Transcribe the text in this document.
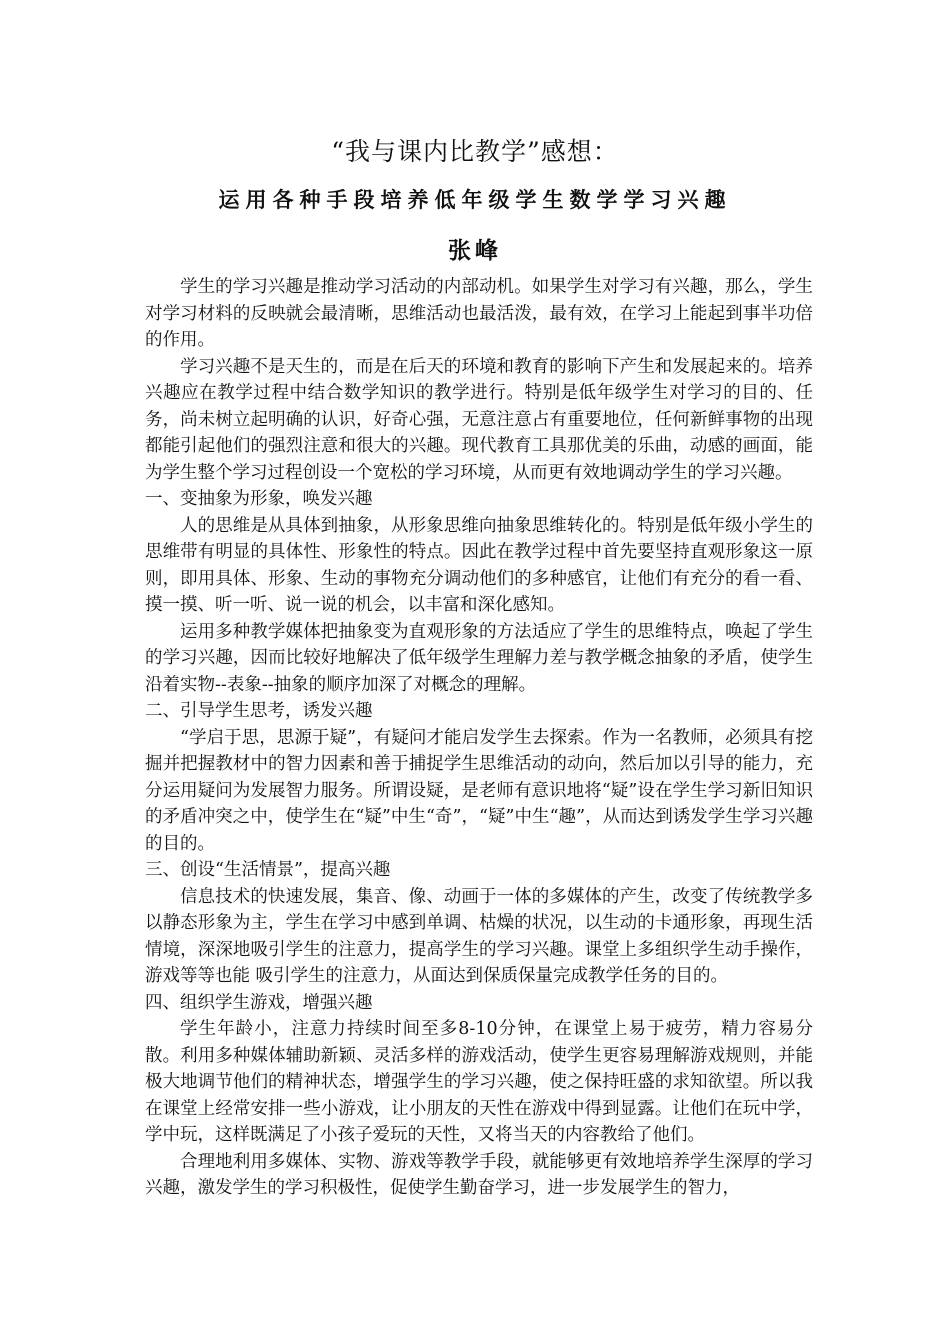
“我与课内比教学”感想：
运用各种手段培养低年级学生数学学习兴趣
张峰

学生的学习兴趣是推动学习活动的内部动机。如果学生对学习有兴趣，那么，学生对学习材料的反映就会最清晰，思维活动也最活泼，最有效，在学习上能起到事半功倍的作用。

学习兴趣不是天生的，而是在后天的环境和教育的影响下产生和发展起来的。培养兴趣应在教学过程中结合数学知识的教学进行。特别是低年级学生对学习的目的、任务，尚未树立起明确的认识，好奇心强，无意注意占有重要地位，任何新鲜事物的出现都能引起他们的强烈注意和很大的兴趣。现代教育工具那优美的乐曲，动感的画面，能为学生整个学习过程创设一个宽松的学习环境，从而更有效地调动学生的学习兴趣。

一、变抽象为形象，唤发兴趣

人的思维是从具体到抽象，从形象思维向抽象思维转化的。特别是低年级小学生的思维带有明显的具体性、形象性的特点。因此在教学过程中首先要坚持直观形象这一原则，即用具体、形象、生动的事物充分调动他们的多种感官，让他们有充分的看一看、摸一摸、听一听、说一说的机会，以丰富和深化感知。

运用多种教学媒体把抽象变为直观形象的方法适应了学生的思维特点，唤起了学生的学习兴趣，因而比较好地解决了低年级学生理解力差与教学概念抽象的矛盾，使学生沿着实物--表象--抽象的顺序加深了对概念的理解。

二、引导学生思考，诱发兴趣

“学启于思，思源于疑”，有疑问才能启发学生去探索。作为一名教师，必须具有挖掘并把握教材中的智力因素和善于捕捉学生思维活动的动向，然后加以引导的能力，充分运用疑问为发展智力服务。所谓设疑，是老师有意识地将“疑”设在学生学习新旧知识的矛盾冲突之中，使学生在“疑”中生“奇”，“疑”中生“趣”，从而达到诱发学生学习兴趣的目的。

三、创设“生活情景”，提高兴趣

信息技术的快速发展，集音、像、动画于一体的多媒体的产生，改变了传统教学多以静态形象为主，学生在学习中感到单调、枯燥的状况，以生动的卡通形象，再现生活情境，深深地吸引学生的注意力，提高学生的学习兴趣。课堂上多组织学生动手操作，游戏等等也能 吸引学生的注意力，从面达到保质保量完成教学任务的目的。

四、组织学生游戏，增强兴趣

学生年龄小，注意力持续时间至多8-10分钟，在课堂上易于疲劳，精力容易分散。利用多种媒体辅助新颖、灵活多样的游戏活动，使学生更容易理解游戏规则，并能极大地调节他们的精神状态，增强学生的学习兴趣，使之保持旺盛的求知欲望。所以我在课堂上经常安排一些小游戏，让小朋友的天性在游戏中得到显露。让他们在玩中学，学中玩，这样既满足了小孩子爱玩的天性，又将当天的内容教给了他们。

合理地利用多媒体、实物、游戏等教学手段，就能够更有效地培养学生深厚的学习兴趣，激发学生的学习积极性，促使学生勤奋学习，进一步发展学生的智力，
